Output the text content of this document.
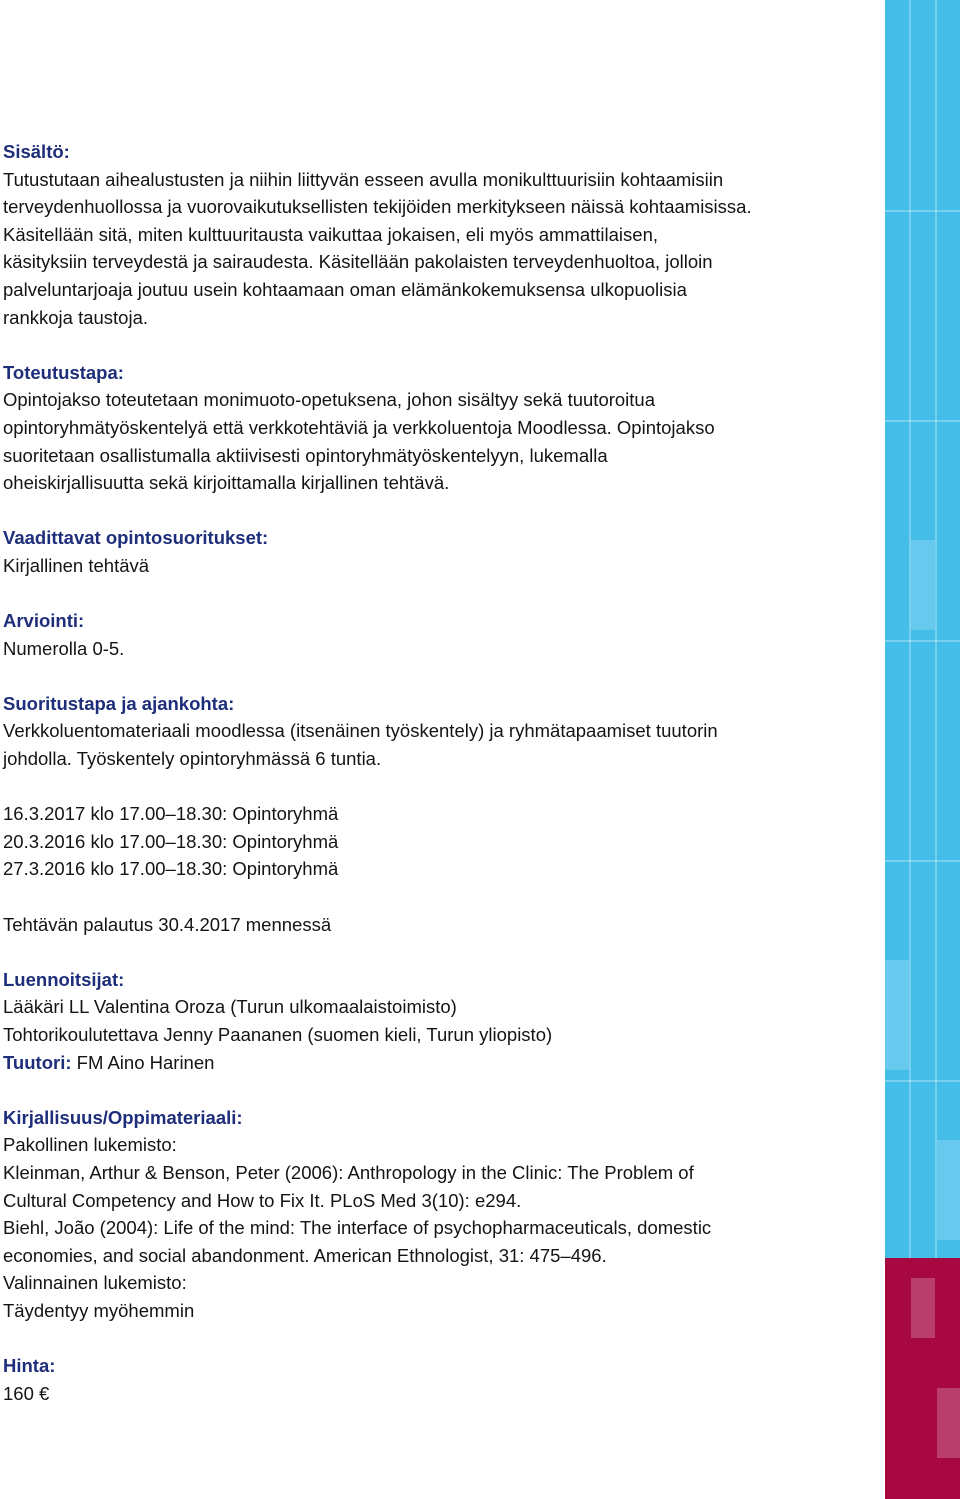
Sisältö:
Tutustutaan aihealustusten ja niihin liittyvän esseen avulla monikulttuurisiin kohtaamisiin
terveydenhuollossa ja vuorovaikutuksellisten tekijöiden merkitykseen näissä kohtaamisissa.
Käsitellään sitä, miten kulttuuritausta vaikuttaa jokaisen, eli myös ammattilaisen,
käsityksiin terveydestä ja sairaudesta. Käsitellään pakolaisten terveydenhuoltoa, jolloin
palveluntarjoaja joutuu usein kohtaamaan oman elämänkokemuksensa ulkopuolisia
rankkoja taustoja.
Toteutustapa:
Opintojakso toteutetaan monimuoto-opetuksena, johon sisältyy sekä tuutoroitua
opintoryhmätyöskentelyä että verkkotehtäviä ja verkkoluentoja Moodlessa. Opintojakso
suoritetaan osallistumalla aktiivisesti opintoryhmätyöskentelyyn, lukemalla
oheiskirjallisuutta sekä kirjoittamalla kirjallinen tehtävä.
Vaadittavat opintosuoritukset:
Kirjallinen tehtävä
Arviointi:
Numerolla 0-5.
Suoritustapa ja ajankohta:
Verkkoluentomateriaali moodlessa (itsenäinen työskentely) ja ryhmätapaamiset tuutorin
johdolla. Työskentely opintoryhmässä 6 tuntia.
16.3.2017 klo 17.00–18.30: Opintoryhmä
20.3.2016 klo 17.00–18.30: Opintoryhmä
27.3.2016 klo 17.00–18.30: Opintoryhmä
Tehtävän palautus 30.4.2017 mennessä
Luennoitsijat:
Lääkäri LL Valentina Oroza (Turun ulkomaalaistoimisto)
Tohtorikoulutettava Jenny Paananen (suomen kieli, Turun yliopisto)
Tuutori: FM Aino Harinen
Kirjallisuus/Oppimateriaali:
Pakollinen lukemisto:
Kleinman, Arthur & Benson, Peter (2006): Anthropology in the Clinic: The Problem of
Cultural Competency and How to Fix It. PLoS Med 3(10): e294.
Biehl, João (2004): Life of the mind: The interface of psychopharmaceuticals, domestic
economies, and social abandonment. American Ethnologist, 31: 475–496.
Valinnainen lukemisto:
Täydentyy myöhemmin
Hinta:
160 €
